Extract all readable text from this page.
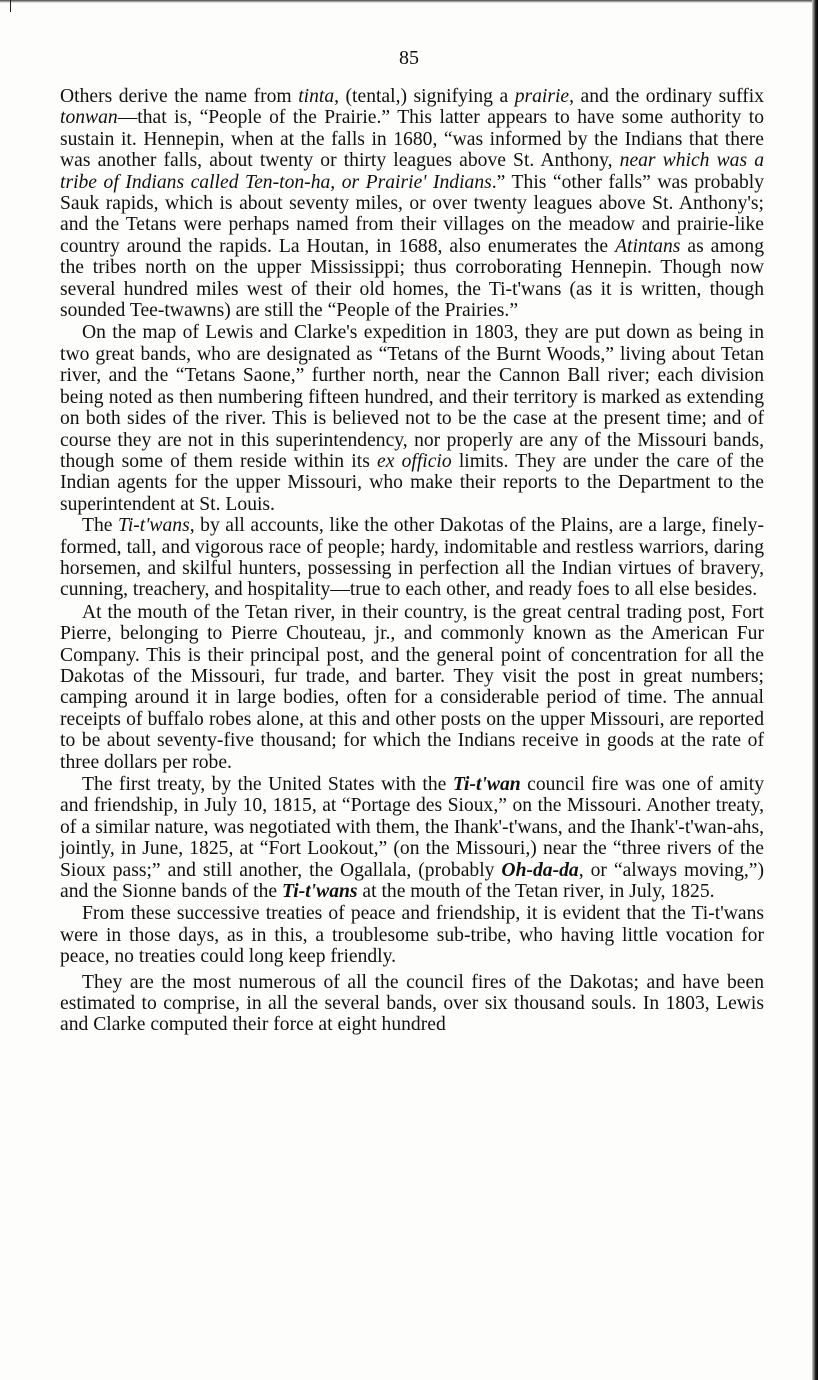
85

Others derive the name from tinta, (tental,) signifying a prairie, and the ordinary suffix tonwan—that is, “People of the Prairie.” This latter appears to have some authority to sustain it. Hennepin, when at the falls in 1680, “was informed by the Indians that there was another falls, about twenty or thirty leagues above St. Anthony, near which was a tribe of Indians called Ten-ton-ha, or Prairie' Indians.” This “other falls” was probably Sauk rapids, which is about seventy miles, or over twenty leagues above St. Anthony's; and the Tetans were perhaps named from their villages on the meadow and prairie-like country around the rapids. La Houtan, in 1688, also enumerates the Atintans as among the tribes north on the upper Mississippi; thus corroborating Hennepin. Though now several hundred miles west of their old homes, the Ti-t'wans (as it is written, though sounded Tee-twawns) are still the “People of the Prairies.”

On the map of Lewis and Clarke's expedition in 1803, they are put down as being in two great bands, who are designated as “Tetans of the Burnt Woods,” living about Tetan river, and the “Tetans Saone,” further north, near the Cannon Ball river; each division being noted as then numbering fifteen hundred, and their territory is marked as extending on both sides of the river. This is believed not to be the case at the present time; and of course they are not in this superintendency, nor properly are any of the Missouri bands, though some of them reside within its ex officio limits. They are under the care of the Indian agents for the upper Missouri, who make their reports to the Department to the superintendent at St. Louis.

The Ti-t'wans, by all accounts, like the other Dakotas of the Plains, are a large, finely-formed, tall, and vigorous race of people; hardy, indomitable and restless warriors, daring horsemen, and skilful hunters, possessing in perfection all the Indian virtues of bravery, cunning, treachery, and hospitality—true to each other, and ready foes to all else besides.

At the mouth of the Tetan river, in their country, is the great central trading post, Fort Pierre, belonging to Pierre Chouteau, jr., and commonly known as the American Fur Company. This is their principal post, and the general point of concentration for all the Dakotas of the Missouri, fur trade, and barter. They visit the post in great numbers; camping around it in large bodies, often for a considerable period of time. The annual receipts of buffalo robes alone, at this and other posts on the upper Missouri, are reported to be about seventy-five thousand; for which the Indians receive in goods at the rate of three dollars per robe.

The first treaty, by the United States with the Ti-t'wan council fire was one of amity and friendship, in July 10, 1815, at “Portage des Sioux,” on the Missouri. Another treaty, of a similar nature, was negotiated with them, the Ihank'-t'wans, and the Ihank'-t'wan-ahs, jointly, in June, 1825, at “Fort Lookout,” (on the Missouri,) near the “three rivers of the Sioux pass;” and still another, the Ogallala, (probably Oh-da-da, or “always moving,”) and the Sionne bands of the Ti-t'wans at the mouth of the Tetan river, in July, 1825.

From these successive treaties of peace and friendship, it is evident that the Ti-t'wans were in those days, as in this, a troublesome sub-tribe, who having little vocation for peace, no treaties could long keep friendly.

They are the most numerous of all the council fires of the Dakotas; and have been estimated to comprise, in all the several bands, over six thousand souls. In 1803, Lewis and Clarke computed their force at eight hundred
